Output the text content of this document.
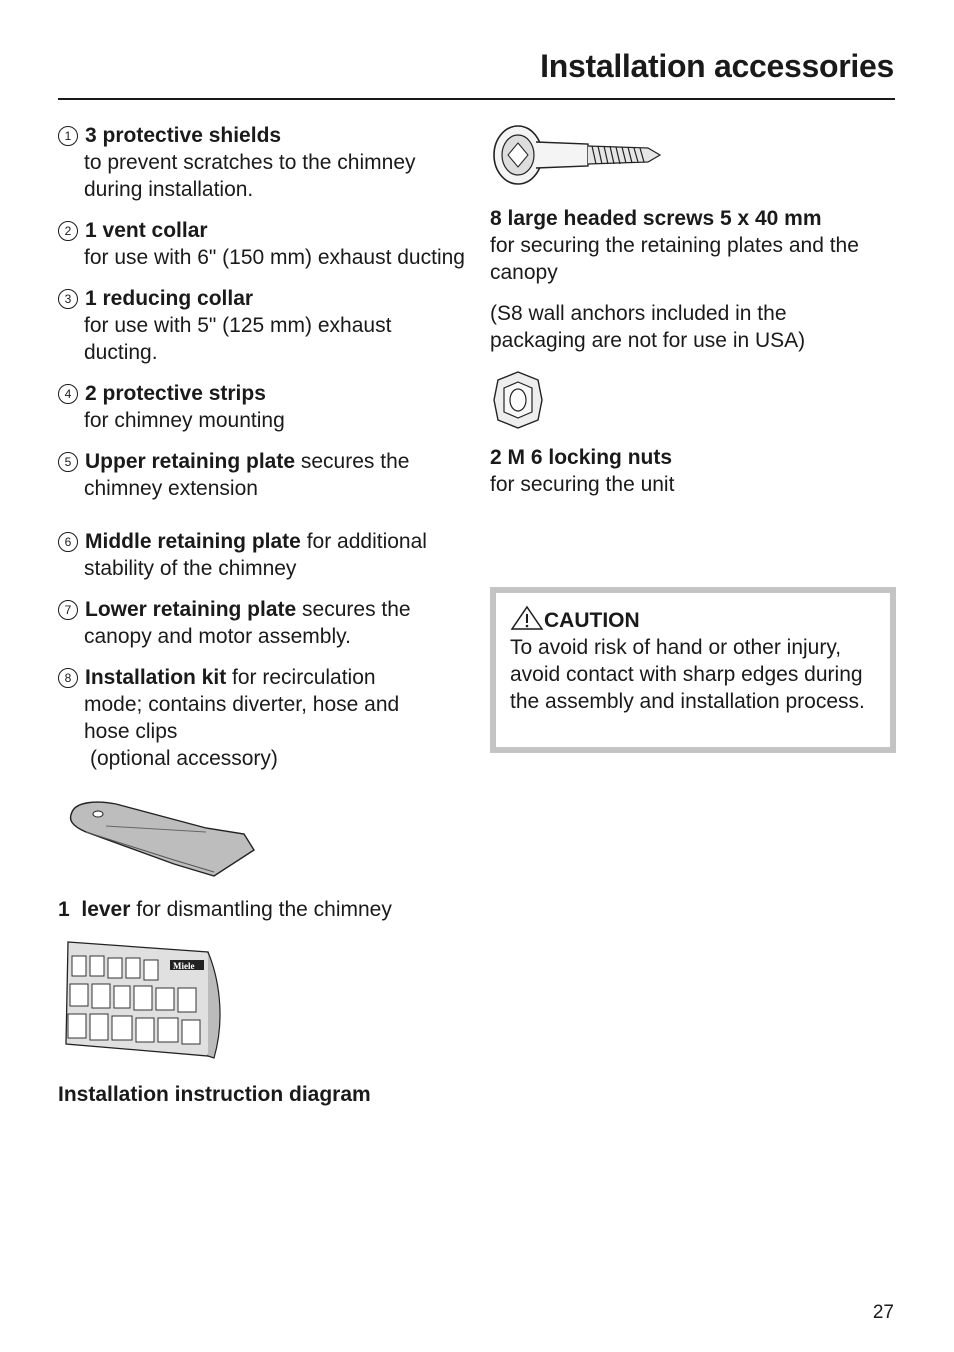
Installation accessories
1 3 protective shields
to prevent scratches to the chimney during installation.
2 1 vent collar
for use with 6" (150 mm) exhaust ducting
3 1 reducing collar
for use with 5" (125 mm) exhaust ducting.
4 2 protective strips
for chimney mounting
5 Upper retaining plate secures the
chimney extension
6 Middle retaining plate for additional
stability of the chimney
7 Lower retaining plate secures the
canopy and motor assembly.
8 Installation kit for recirculation
mode; contains diverter, hose and hose clips
(optional accessory)
1 lever for dismantling the chimney
Miele
Installation instruction diagram
8 large headed screws 5 x 40 mm
for securing the retaining plates and the canopy
(S8 wall anchors included in the packaging are not for use in USA)
2 M 6 locking nuts
for securing the unit
CAUTION
To avoid risk of hand or other injury, avoid contact with sharp edges during the assembly and installation process.
27
